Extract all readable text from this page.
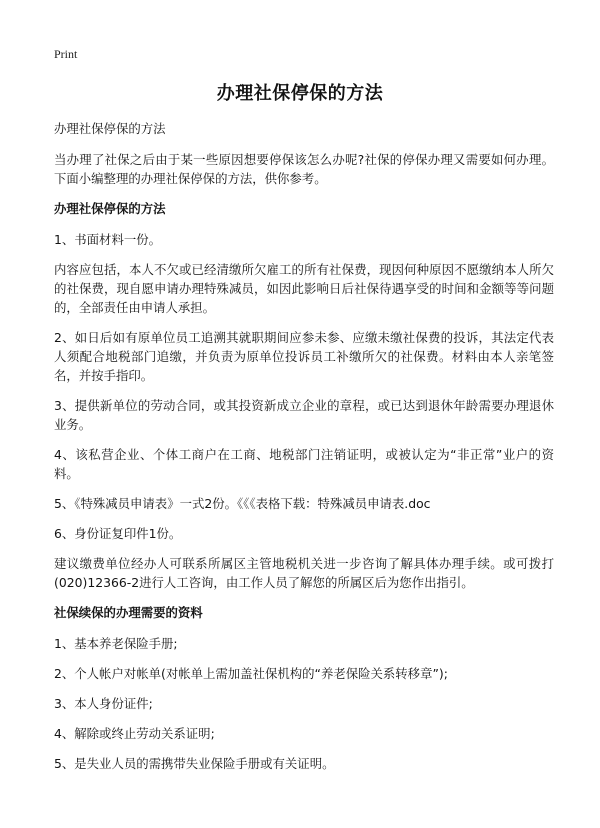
Print
办理社保停保的方法

办理社保停保的方法

当办理了社保之后由于某一些原因想要停保该怎么办呢?社保的停保办理又需要如何办理。下面小编整理的办理社保停保的方法，供你参考。

办理社保停保的方法

1、书面材料一份。

内容应包括，本人不欠或已经清缴所欠雇工的所有社保费，现因何种原因不愿缴纳本人所欠的社保费，现自愿申请办理特殊减员，如因此影响日后社保待遇享受的时间和金额等等问题的，全部责任由申请人承担。

2、如日后如有原单位员工追溯其就职期间应参未参、应缴未缴社保费的投诉，其法定代表人须配合地税部门追缴，并负责为原单位投诉员工补缴所欠的社保费。材料由本人亲笔签名，并按手指印。

3、提供新单位的劳动合同，或其投资新成立企业的章程，或已达到退休年龄需要办理退休业务。

4、该私营企业、个体工商户在工商、地税部门注销证明，或被认定为“非正常”业户的资料。

5、《特殊减员申请表》一式2份。《《《表格下载：特殊减员申请表.doc

6、身份证复印件1份。

建议缴费单位经办人可联系所属区主管地税机关进一步咨询了解具体办理手续。或可拨打(020)12366-2进行人工咨询，由工作人员了解您的所属区后为您作出指引。

社保续保的办理需要的资料

1、基本养老保险手册;

2、个人帐户对帐单(对帐单上需加盖社保机构的“养老保险关系转移章”);

3、本人身份证件;

4、解除或终止劳动关系证明;

5、是失业人员的需携带失业保险手册或有关证明。
